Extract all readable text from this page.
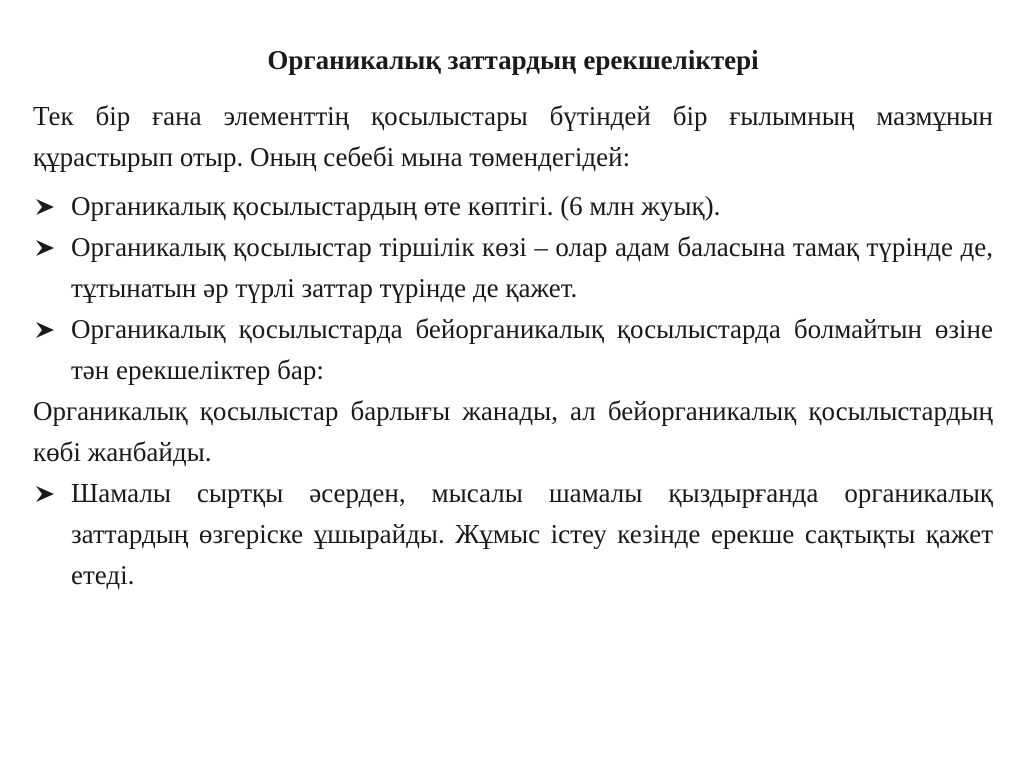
Органикалық заттардың ерекшеліктері

Тек бір ғана элементтің қосылыстары бүтіндей бір ғылымның мазмұнын құрастырып отыр. Оның себебі мына төмендегідей:

Органикалық қосылыстардың өте көптігі. (6 млн жуық).
Органикалық қосылыстар тіршілік көзі – олар адам баласына тамақ түрінде де, тұтынатын әр түрлі заттар түрінде де қажет.
Органикалық қосылыстарда бейорганикалық қосылыстарда болмайтын өзіне тән ерекшеліктер бар:

Органикалық қосылыстар барлығы жанады, ал бейорганикалық қосылыстардың көбі жанбайды.

Шамалы сыртқы әсерден, мысалы шамалы қыздырғанда органикалық заттардың өзгеріске ұшырайды. Жұмыс істеу кезінде ерекше сақтықты қажет етеді.
